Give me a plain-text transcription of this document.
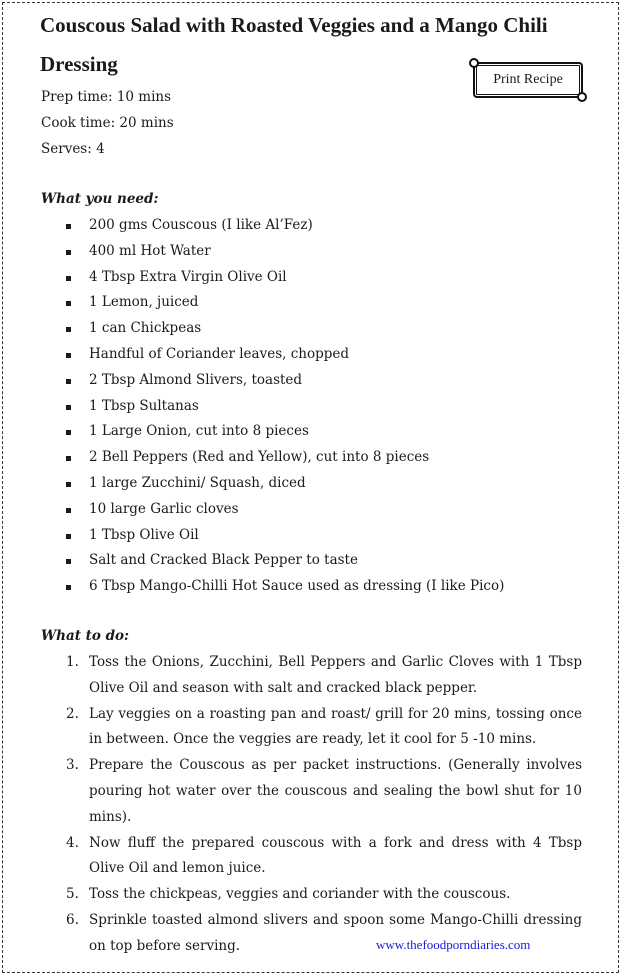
Couscous Salad with Roasted Veggies and a Mango Chili Dressing
Print Recipe

Prep time: 10 mins

Cook time: 20 mins

Serves: 4

What you need:

200 gms Couscous (I like Al’Fez)
400 ml Hot Water
4 Tbsp Extra Virgin Olive Oil
1 Lemon, juiced
1 can Chickpeas
Handful of Coriander leaves, chopped
2 Tbsp Almond Slivers, toasted
1 Tbsp Sultanas
1 Large Onion, cut into 8 pieces
2 Bell Peppers (Red and Yellow), cut into 8 pieces
1 large Zucchini/ Squash, diced
10 large Garlic cloves
1 Tbsp Olive Oil
Salt and Cracked Black Pepper to taste
6 Tbsp Mango-Chilli Hot Sauce used as dressing (I like Pico)

What to do:

1. Toss the Onions, Zucchini, Bell Peppers and Garlic Cloves with 1 Tbsp Olive Oil and season with salt and cracked black pepper.
2. Lay veggies on a roasting pan and roast/ grill for 20 mins, tossing once in between. Once the veggies are ready, let it cool for 5 -10 mins.
3. Prepare the Couscous as per packet instructions. (Generally involves pouring hot water over the couscous and sealing the bowl shut for 10 mins).
4. Now fluff the prepared couscous with a fork and dress with 4 Tbsp Olive Oil and lemon juice.
5. Toss the chickpeas, veggies and coriander with the couscous.
6. Sprinkle toasted almond slivers and spoon some Mango-Chilli dressing on top before serving.	www.thefoodporndiaries.com
